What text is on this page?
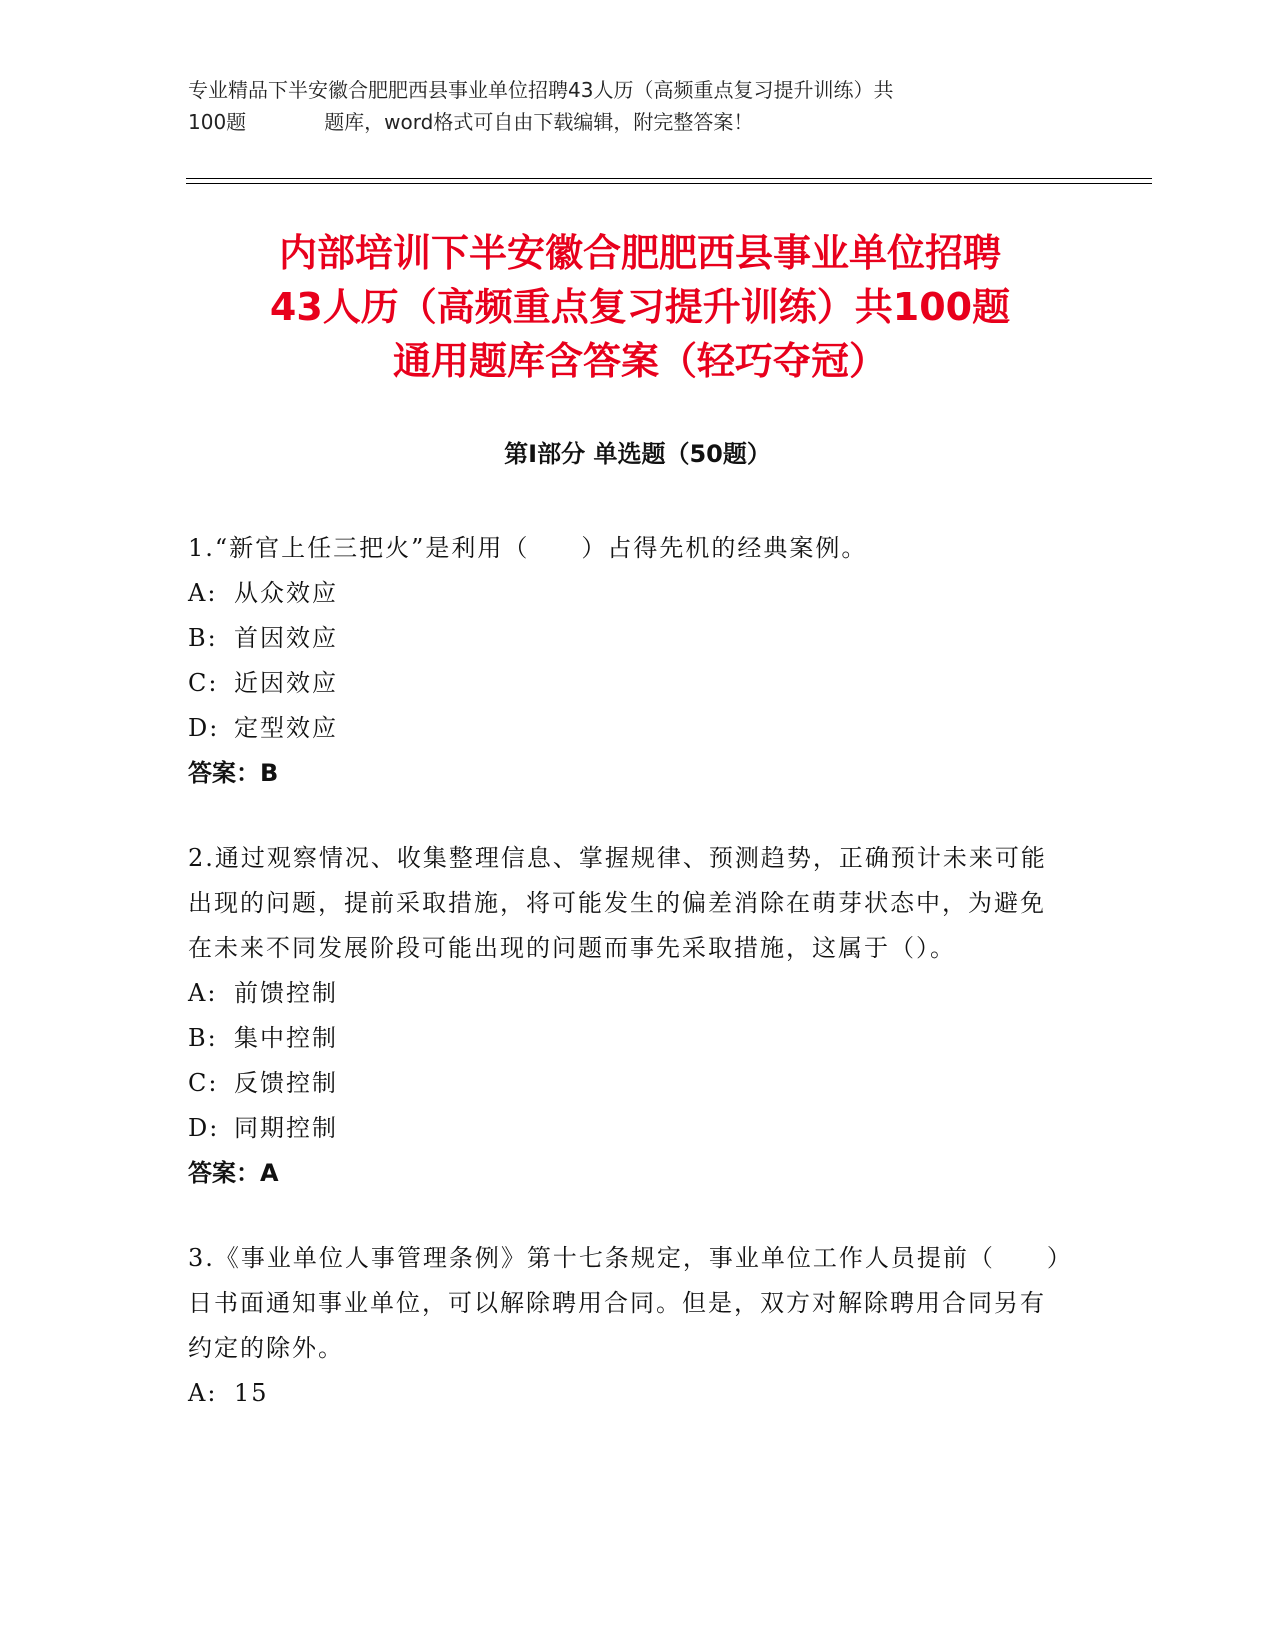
专业精品下半安徽合肥肥西县事业单位招聘43人历（高频重点复习提升训练）共
100题	题库，word格式可自由下载编辑，附完整答案！
内部培训下半安徽合肥肥西县事业单位招聘
43人历（高频重点复习提升训练）共100题
通用题库含答案（轻巧夺冠）
第Ⅰ部分 单选题（50题）
1.“新官上任三把火”是利用（　　）占得先机的经典案例。
A: 从众效应
B: 首因效应
C: 近因效应
D: 定型效应
答案：B
2.通过观察情况、收集整理信息、掌握规律、预测趋势，正确预计未来可能出现的问题，提前采取措施，将可能发生的偏差消除在萌芽状态中，为避免在未来不同发展阶段可能出现的问题而事先采取措施，这属于（）。
A: 前馈控制
B: 集中控制
C: 反馈控制
D: 同期控制
答案：A
3.《事业单位人事管理条例》第十七条规定，事业单位工作人员提前（　　）日书面通知事业单位，可以解除聘用合同。但是，双方对解除聘用合同另有约定的除外。
A: 15
